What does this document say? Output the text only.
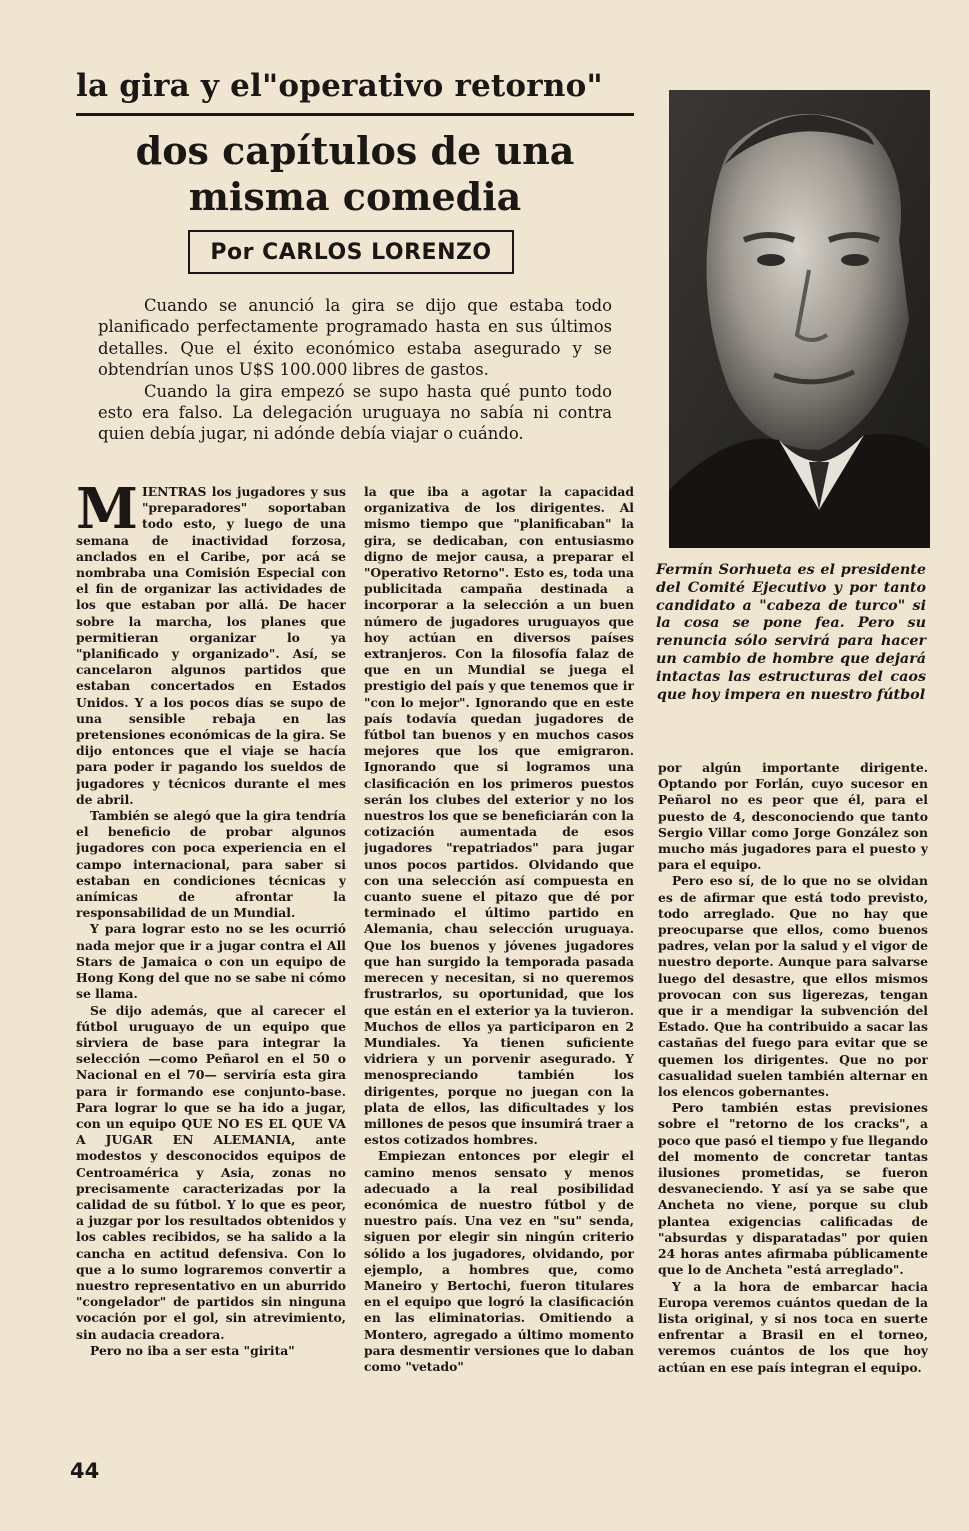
la gira y el"operativo retorno"
dos capítulos de una misma comedia
Por CARLOS LORENZO

Cuando se anunció la gira se dijo que estaba todo planificado perfectamente programado hasta en sus últimos detalles. Que el éxito económico estaba asegurado y se obtendrían unos U$S 100.000 libres de gastos.

Cuando la gira empezó se supo hasta qué punto todo esto era falso. La delegación uruguaya no sabía ni contra quien debía jugar, ni adónde debía viajar o cuándo.

MIENTRAS los jugadores y sus "preparadores" soportaban todo esto, y luego de una semana de inactividad forzosa, anclados en el Caribe, por acá se nombraba una Comisión Especial con el fin de organizar las actividades de los que estaban por allá. De hacer sobre la marcha, los planes que permitieran organizar lo ya "planificado y organizado". Así, se cancelaron algunos partidos que estaban concertados en Estados Unidos. Y a los pocos días se supo de una sensible rebaja en las pretensiones económicas de la gira. Se dijo entonces que el viaje se hacía para poder ir pagando los sueldos de jugadores y técnicos durante el mes de abril.

También se alegó que la gira tendría el beneficio de probar algunos jugadores con poca experiencia en el campo internacional, para saber si estaban en condiciones técnicas y anímicas de afrontar la responsabilidad de un Mundial.

Y para lograr esto no se les ocurrió nada mejor que ir a jugar contra el All Stars de Jamaica o con un equipo de Hong Kong del que no se sabe ni cómo se llama.

Se dijo además, que al carecer el fútbol uruguayo de un equipo que sirviera de base para integrar la selección —como Peñarol en el 50 o Nacional en el 70— serviría esta gira para ir formando ese conjunto-base. Para lograr lo que se ha ido a jugar, con un equipo QUE NO ES EL QUE VA A JUGAR EN ALEMANIA, ante modestos y desconocidos equipos de Centroamérica y Asia, zonas no precisamente caracterizadas por la calidad de su fútbol. Y lo que es peor, a juzgar por los resultados obtenidos y los cables recibidos, se ha salido a la cancha en actitud defensiva. Con lo que a lo sumo lograremos convertir a nuestro representativo en un aburrido "congelador" de partidos sin ninguna vocación por el gol, sin atrevimiento, sin audacia creadora.

Pero no iba a ser esta "girita"

la que iba a agotar la capacidad organizativa de los dirigentes. Al mismo tiempo que "planificaban" la gira, se dedicaban, con entusiasmo digno de mejor causa, a preparar el "Operativo Retorno". Esto es, toda una publicitada campaña destinada a incorporar a la selección a un buen número de jugadores uruguayos que hoy actúan en diversos países extranjeros. Con la filosofía falaz de que en un Mundial se juega el prestigio del país y que tenemos que ir "con lo mejor". Ignorando que en este país todavía quedan jugadores de fútbol tan buenos y en muchos casos mejores que los que emigraron. Ignorando que si logramos una clasificación en los primeros puestos serán los clubes del exterior y no los nuestros los que se beneficiarán con la cotización aumentada de esos jugadores "repatriados" para jugar unos pocos partidos. Olvidando que con una selección así compuesta en cuanto suene el pitazo que dé por terminado el último partido en Alemania, chau selección uruguaya. Que los buenos y jóvenes jugadores que han surgido la temporada pasada merecen y necesitan, si no queremos frustrarlos, su oportunidad, que los que están en el exterior ya la tuvieron. Muchos de ellos ya participaron en 2 Mundiales. Ya tienen suficiente vidriera y un porvenir asegurado. Y menospreciando también los dirigentes, porque no juegan con la plata de ellos, las dificultades y los millones de pesos que insumirá traer a estos cotizados hombres.

Empiezan entonces por elegir el camino menos sensato y menos adecuado a la real posibilidad económica de nuestro fútbol y de nuestro país. Una vez en "su" senda, siguen por elegir sin ningún criterio sólido a los jugadores, olvidando, por ejemplo, a hombres que, como Maneiro y Bertochi, fueron titulares en el equipo que logró la clasificación en las eliminatorias. Omitiendo a Montero, agregado a último momento para desmentir versiones que lo daban como "vetado"

Fermín Sorhueta es el presidente del Comité Ejecutivo y por tanto candidato a "cabeza de turco" si la cosa se pone fea. Pero su renuncia sólo servirá para hacer un cambio de hombre que dejará intactas las estructuras del caos que hoy impera en nuestro fútbol

por algún importante dirigente. Optando por Forlán, cuyo sucesor en Peñarol no es peor que él, para el puesto de 4, desconociendo que tanto Sergio Villar como Jorge González son mucho más jugadores para el puesto y para el equipo.

Pero eso sí, de lo que no se olvidan es de afirmar que está todo previsto, todo arreglado. Que no hay que preocuparse que ellos, como buenos padres, velan por la salud y el vigor de nuestro deporte. Aunque para salvarse luego del desastre, que ellos mismos provocan con sus ligerezas, tengan que ir a mendigar la subvención del Estado. Que ha contribuido a sacar las castañas del fuego para evitar que se quemen los dirigentes. Que no por casualidad suelen también alternar en los elencos gobernantes.

Pero también estas previsiones sobre el "retorno de los cracks", a poco que pasó el tiempo y fue llegando del momento de concretar tantas ilusiones prometidas, se fueron desvaneciendo. Y así ya se sabe que Ancheta no viene, porque su club plantea exigencias calificadas de "absurdas y disparatadas" por quien 24 horas antes afirmaba públicamente que lo de Ancheta "está arreglado".

Y a la hora de embarcar hacia Europa veremos cuántos quedan de la lista original, y si nos toca en suerte enfrentar a Brasil en el torneo, veremos cuántos de los que hoy actúan en ese país integran el equipo.

44
